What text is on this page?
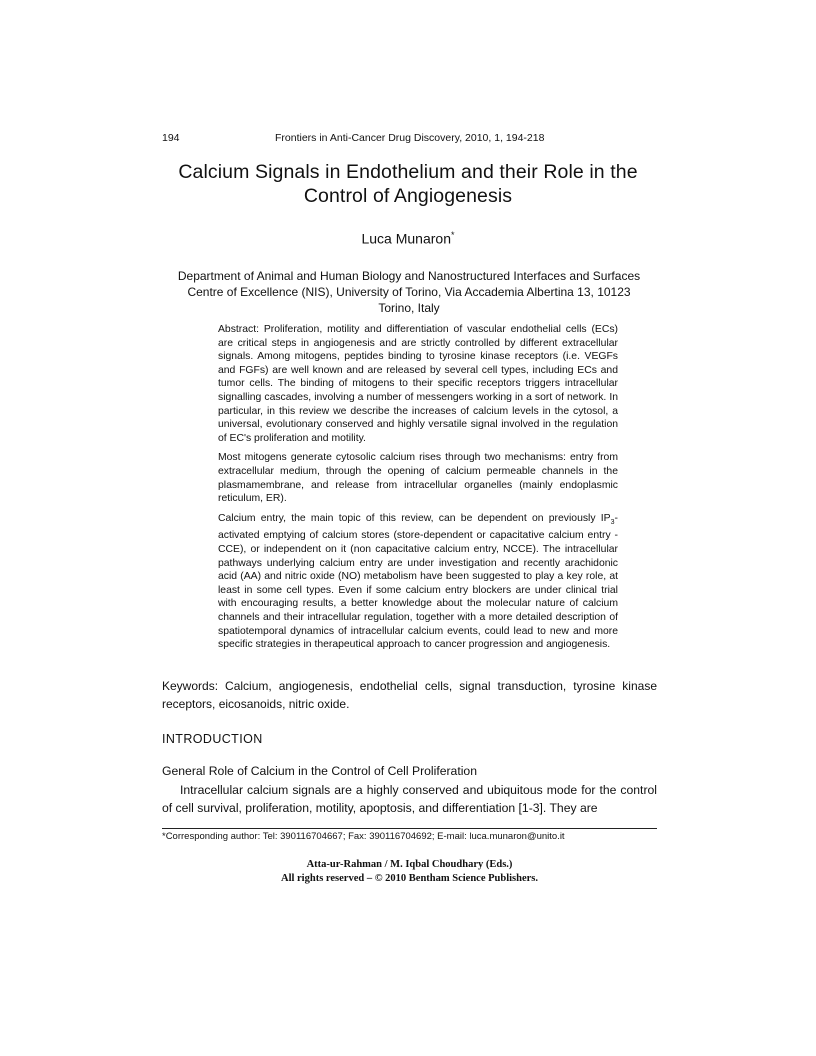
194	Frontiers in Anti-Cancer Drug Discovery, 2010, 1, 194-218
Calcium Signals in Endothelium and their Role in the
Control of Angiogenesis
Luca Munaron*
Department of Animal and Human Biology and Nanostructured Interfaces and Surfaces
Centre of Excellence (NIS), University of Torino, Via Accademia Albertina 13, 10123
Torino, Italy

Abstract: Proliferation, motility and differentiation of vascular endothelial cells (ECs) are critical steps in angiogenesis and are strictly controlled by different extracellular signals. Among mitogens, peptides binding to tyrosine kinase receptors (i.e. VEGFs and FGFs) are well known and are released by several cell types, including ECs and tumor cells. The binding of mitogens to their specific receptors triggers intracellular signalling cascades, involving a number of messengers working in a sort of network. In particular, in this review we describe the increases of calcium levels in the cytosol, a universal, evolutionary conserved and highly versatile signal involved in the regulation of EC's proliferation and motility.

Most mitogens generate cytosolic calcium rises through two mechanisms: entry from extracellular medium, through the opening of calcium permeable channels in the plasmamembrane, and release from intracellular organelles (mainly endoplasmic reticulum, ER).

Calcium entry, the main topic of this review, can be dependent on previously $IP_3$-activated emptying of calcium stores (store-dependent or capacitative calcium entry - CCE), or independent on it (non capacitative calcium entry, NCCE). The intracellular pathways underlying calcium entry are under investigation and recently arachidonic acid (AA) and nitric oxide (NO) metabolism have been suggested to play a key role, at least in some cell types. Even if some calcium entry blockers are under clinical trial with encouraging results, a better knowledge about the molecular nature of calcium channels and their intracellular regulation, together with a more detailed description of spatiotemporal dynamics of intracellular calcium events, could lead to new and more specific strategies in therapeutical approach to cancer progression and angiogenesis.

Keywords: Calcium, angiogenesis, endothelial cells, signal transduction, tyrosine kinase receptors, eicosanoids, nitric oxide.
INTRODUCTION
General Role of Calcium in the Control of Cell Proliferation
Intracellular calcium signals are a highly conserved and ubiquitous mode for the control of cell survival, proliferation, motility, apoptosis, and differentiation [1-3]. They are
*Corresponding author: Tel: 390116704667; Fax: 390116704692; E-mail: luca.munaron@unito.it
Atta-ur-Rahman / M. Iqbal Choudhary (Eds.)
All rights reserved – © 2010 Bentham Science Publishers.
